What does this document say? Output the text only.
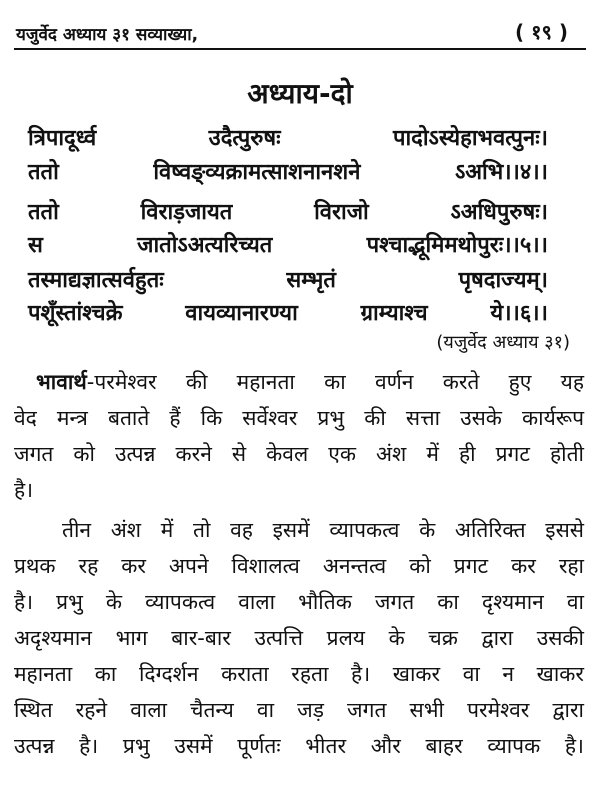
यजुर्वेद अध्याय ३१ सव्याख्या,	( १९ )
अध्याय-दो
त्रिपादूर्ध्व उदैत्पुरुषः पादोऽस्येहाभवत्पुनः।
ततो विष्वङ्व्यक्रामत्साशनानशने ऽअभि।।४।।
ततो विराड़जायत विराजो ऽअधिपुरुषः।
स जातोऽअत्यरिच्यत पश्चाद्भूमिमथोपुरः।।५।।
तस्माद्यज्ञात्सर्वहुतः सम्भृतं पृषदाज्यम्।
पशूँस्तांश्चक्रे वायव्यानारण्या ग्राम्याश्च ये।।६।।
(यजुर्वेद अध्याय ३१)
भावार्थ-परमेश्वर की महानता का वर्णन करते हुए यह
वेद मन्त्र बताते हैं कि सर्वेश्वर प्रभु की सत्ता उसके कार्यरूप
जगत को उत्पन्न करने से केवल एक अंश में ही प्रगट होती
है।
तीन अंश में तो वह इसमें व्यापकत्व के अतिरिक्त इससे
प्रथक रह कर अपने विशालत्व अनन्तत्व को प्रगट कर रहा
है। प्रभु के व्यापकत्व वाला भौतिक जगत का दृश्यमान वा
अदृश्यमान भाग बार-बार उत्पत्ति प्रलय के चक्र द्वारा उसकी
महानता का दिग्दर्शन कराता रहता है। खाकर वा न खाकर
स्थित रहने वाला चैतन्य वा जड़ जगत सभी परमेश्वर द्वारा
उत्पन्न है। प्रभु उसमें पूर्णतः भीतर और बाहर व्यापक है।
